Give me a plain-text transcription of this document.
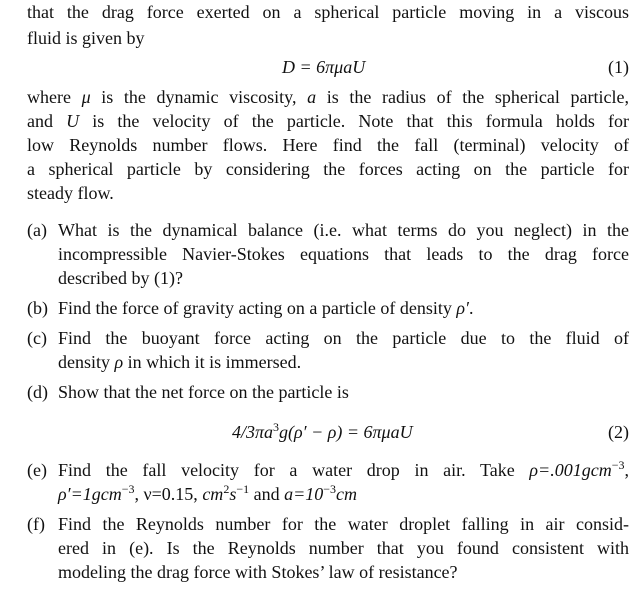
that the drag force exerted on a spherical particle moving in a viscous
fluid is given by
D = 6πμaU	(1)
where μ is the dynamic viscosity, a is the radius of the spherical particle,
and U is the velocity of the particle. Note that this formula holds for
low Reynolds number flows. Here find the fall (terminal) velocity of
a spherical particle by considering the forces acting on the particle for
steady flow.
(a) What is the dynamical balance (i.e. what terms do you neglect) in the
incompressible Navier-Stokes equations that leads to the drag force
described by (1)?
(b) Find the force of gravity acting on a particle of density ρ′.
(c) Find the buoyant force acting on the particle due to the fluid of
density ρ in which it is immersed.
(d) Show that the net force on the particle is
$4/3\pi a^3g(\rho' - \rho) = 6\pi\mu aU$	(2)
(e) Find the fall velocity for a water drop in air. Take ρ=.001gcm$^{-3}$,
ρ′=1gcm$^{-3}$, ν=0.15, $cm^2s^{-1}$ and $a=10^{-3}cm$
(f) Find the Reynolds number for the water droplet falling in air consid-
ered in (e). Is the Reynolds number that you found consistent with
modeling the drag force with Stokes’ law of resistance?
